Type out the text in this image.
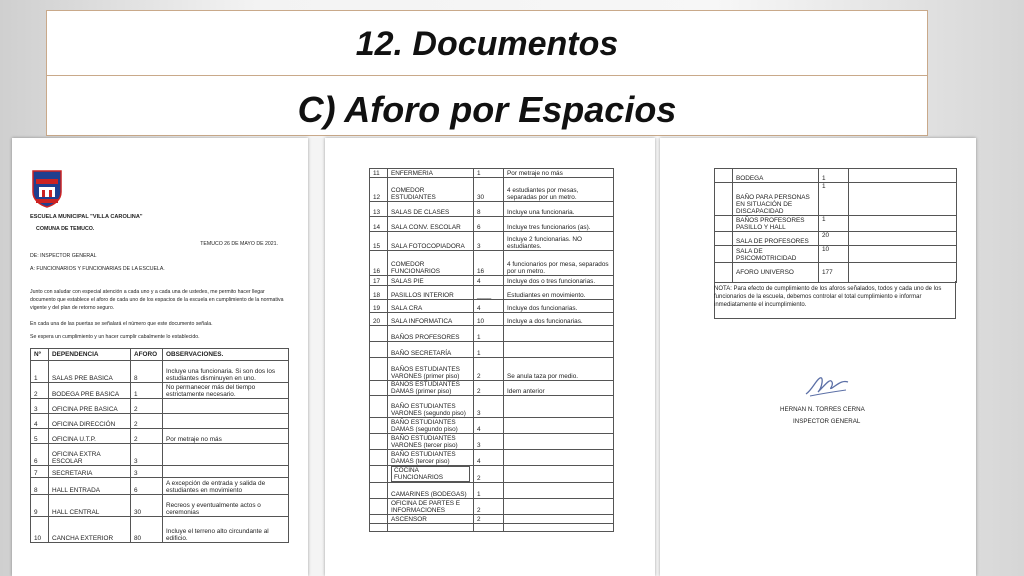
12. Documentos
C) Aforo por Espacios
ESCUELA MUNICIPAL "VILLA CAROLINA"
COMUNA DE TEMUCO.
TEMUCO 26 DE MAYO DE 2021.
DE: INSPECTOR GENERAL
A: FUNCIONARIOS Y FUNCIONARIAS DE LA ESCUELA.
Junto con saludar con especial atención a cada uno y a cada una de ustedes, me permito hacer llegar documento que establece el aforo de cada uno de los espacios de la escuela en cumplimiento de la normativa vigente y del plan de retorno seguro.
En cada una de las puertas se señalará el número que este documento señala.
Se espera un cumplimiento y un hacer cumplir cabalmente lo establecido.
Nº	DEPENDENCIA	AFORO	OBSERVACIONES.
1	SALAS PRE BASICA	8	Incluye una funcionaria. Si son dos los estudiantes disminuyen en uno.
2	BODEGA PRE BASICA	1	No permanecer más del tiempo estrictamente necesario.
3	OFICINA PRE BASICA	2	
4	OFICINA DIRECCIÓN	2	
5	OFICINA U.T.P.	2	Por metraje no más
6	OFICINA EXTRA ESCOLAR	3	
7	SECRETARIA	3	
8	HALL ENTRADA	6	A excepción de entrada y salida de estudiantes en movimiento
9	HALL CENTRAL	30	Recreos y eventualmente actos o ceremonias
10	CANCHA EXTERIOR	80	Incluye el terreno alto circundante al edificio.
11	ENFERMERIA	1	Por metraje no más
12	COMEDOR ESTUDIANTES	30	4 estudiantes por mesas, separadas por un metro.
13	SALAS DE CLASES	8	Incluye una funcionaria.
14	SALA CONV. ESCOLAR	6	Incluye tres funcionarios (as).
15	SALA FOTOCOPIADORA	3	Incluye 2 funcionarias. NO estudiantes.
16	COMEDOR FUNCIONARIOS	16	4 funcionarios por mesa, separados por un metro.
17	SALAS PIE	4	Incluye dos o tres funcionarias.
18	PASILLOS INTERIOR	____	Estudiantes en movimiento.
19	SALA CRA	4	Incluye dos funcionarias.
20	SALA INFORMATICA	10	Incluye a dos funcionarias.
	BAÑOS PROFESORES	1	
	BAÑO SECRETARÍA	1	
	BAÑOS ESTUDIANTES VARONES (primer piso)	2	Se anula taza por medio.
	BAÑOS ESTUDIANTES DAMAS (primer piso)	2	Idem anterior
	BAÑO ESTUDIANTES VARONES (segundo piso)	3	
	BAÑO ESTUDIANTES DAMAS (segundo piso)	4	
	BAÑO ESTUDIANTES VARONES (tercer piso)	3	
	BAÑO ESTUDIANTES DAMAS (tercer piso)	4	
	COCINA FUNCIONARIOS	2	
	CAMARINES (BODEGAS)	1	
	OFICINA DE PARTES E INFORMACIONES	2	
	ASCENSOR	2	

	BODEGA	1	
	BAÑO PARA PERSONAS EN SITUACIÓN DE DISCAPACIDAD	1	
	BAÑOS PROFESORES PASILLO Y HALL	1	
	SALA DE PROFESORES	20	
	SALA DE PSICOMOTRICIDAD	10	
	AFORO UNIVERSO	177	
NOTA: Para efecto de cumplimiento de los aforos señalados, todos y cada uno de los funcionarios de la escuela, debemos controlar el total cumplimiento e informar inmediatamente el incumplimiento.
HERNAN N. TORRES CERNA
INSPECTOR GENERAL
